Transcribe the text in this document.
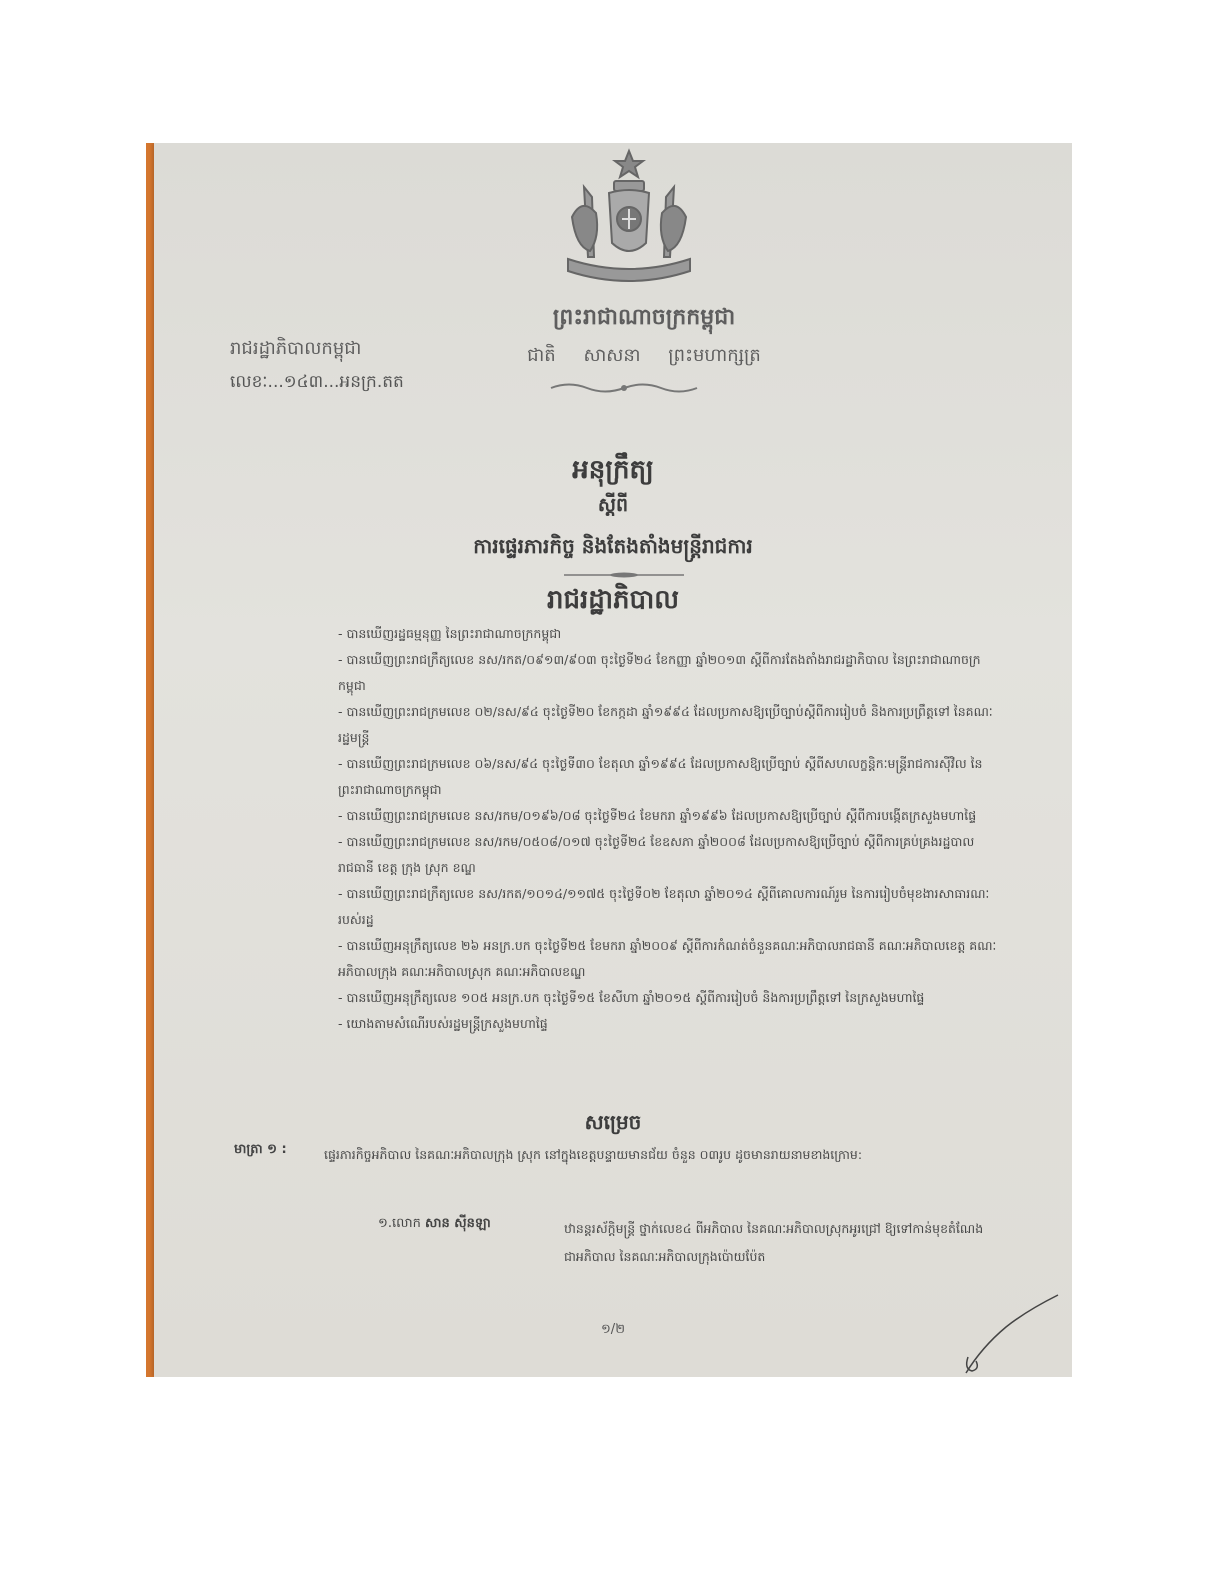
ព្រះរាជាណាចក្រកម្ពុជា
ជាតិ សាសនា ព្រះមហាក្សត្រ
រាជរដ្ឋាភិបាលកម្ពុជា
លេខៈ...១៤៣...អនក្រ.តត
អនុក្រឹត្យ
ស្តីពី
ការផ្ទេរភារកិច្ច និងតែងតាំងមន្ត្រីរាជការ
រាជរដ្ឋាភិបាល
- បានឃើញរដ្ឋធម្មនុញ្ញ នៃព្រះរាជាណាចក្រកម្ពុជា
- បានឃើញព្រះរាជក្រឹត្យលេខ នស/រកត/០៩១៣/៩០៣ ចុះថ្ងៃទី២៤ ខែកញ្ញា ឆ្នាំ២០១៣ ស្តីពីការតែងតាំងរាជរដ្ឋាភិបាល នៃព្រះរាជាណាចក្រកម្ពុជា
- បានឃើញព្រះរាជក្រមលេខ ០២/នស/៩៤ ចុះថ្ងៃទី២០ ខែកក្កដា ឆ្នាំ១៩៩៤ ដែលប្រកាសឱ្យប្រើច្បាប់ស្តីពីការរៀបចំ និងការប្រព្រឹត្តទៅ នៃគណៈរដ្ឋមន្ត្រី
- បានឃើញព្រះរាជក្រមលេខ ០៦/នស/៩៤ ចុះថ្ងៃទី៣០ ខែតុលា ឆ្នាំ១៩៩៤ ដែលប្រកាសឱ្យប្រើច្បាប់ ស្តីពីសហលក្ខន្តិកៈមន្ត្រីរាជការស៊ីវិល នៃព្រះរាជាណាចក្រកម្ពុជា
- បានឃើញព្រះរាជក្រមលេខ នស/រកម/០១៩៦/០៨ ចុះថ្ងៃទី២៤ ខែមករា ឆ្នាំ១៩៩៦ ដែលប្រកាសឱ្យប្រើច្បាប់ ស្តីពីការបង្កើតក្រសួងមហាផ្ទៃ
- បានឃើញព្រះរាជក្រមលេខ នស/រកម/០៥០៨/០១៧ ចុះថ្ងៃទី២៤ ខែឧសភា ឆ្នាំ២០០៨ ដែលប្រកាសឱ្យប្រើច្បាប់ ស្តីពីការគ្រប់គ្រងរដ្ឋបាលរាជធានី ខេត្ត ក្រុង ស្រុក ខណ្ឌ
- បានឃើញព្រះរាជក្រឹត្យលេខ នស/រកត/១០១៤/១១៧៥ ចុះថ្ងៃទី០២ ខែតុលា ឆ្នាំ២០១៤ ស្តីពីគោលការណ៍រួម នៃការរៀបចំមុខងារសាធារណៈរបស់រដ្ឋ
- បានឃើញអនុក្រឹត្យលេខ ២៦ អនក្រ.បក ចុះថ្ងៃទី២៥ ខែមករា ឆ្នាំ២០០៩ ស្តីពីការកំណត់ចំនួនគណៈអភិបាលរាជធានី គណៈអភិបាលខេត្ត គណៈអភិបាលក្រុង គណៈអភិបាលស្រុក គណៈអភិបាលខណ្ឌ
- បានឃើញអនុក្រឹត្យលេខ ១០៥ អនក្រ.បក ចុះថ្ងៃទី១៥ ខែសីហា ឆ្នាំ២០១៥ ស្តីពីការរៀបចំ និងការប្រព្រឹត្តទៅ នៃក្រសួងមហាផ្ទៃ
- យោងតាមសំណើរបស់រដ្ឋមន្ត្រីក្រសួងមហាផ្ទៃ
សម្រេច
មាត្រា ១ :	ផ្ទេរភារកិច្ចអភិបាល នៃគណៈអភិបាលក្រុង ស្រុក នៅក្នុងខេត្តបន្ទាយមានជ័យ ចំនួន ០៣រូប ដូចមានរាយនាមខាងក្រោម:
១.លោក សាន ស៊ីនឡា	ឋានន្តរស័ក្តិមន្ត្រី ថ្នាក់លេខ៤ ពីអភិបាល នៃគណៈអភិបាលស្រុកអូរជ្រៅ ឱ្យទៅកាន់មុខតំណែងជាអភិបាល នៃគណៈអភិបាលក្រុងប៉ោយប៉ែត
១/២
